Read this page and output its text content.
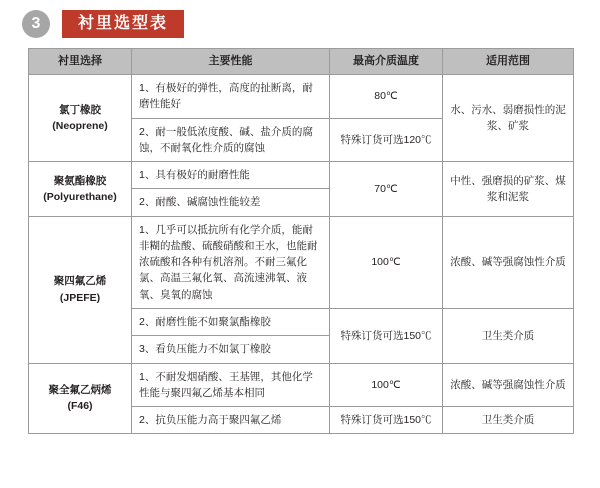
3	衬里选型表
衬里选择	主要性能	最高介质温度	适用范围

氯丁橡胶
(Neoprene)	1、有极好的弹性，高度的扯断离，耐磨性能好	80℃	水、污水、弱磨损性的泥浆、矿浆
	2、耐一般低浓度酸、碱、盐介质的腐蚀，不耐氧化性介质的腐蚀	特殊订货可选120℃	

聚氨酯橡胶
(Polyurethane)	1、具有极好的耐磨性能	70℃	中性、强磨损的矿浆、煤浆和泥浆
	2、耐酸、碱腐蚀性能较差		

聚四氟乙烯
(JPEFE)	1、几乎可以抵抗所有化学介质，能耐非糊的盐酸、硫酸硝酸和王水，也能耐浓硫酸和各种有机溶剂。不耐三氟化氯、高温三氟化氧、高流速沸氧、液氧、臭氧的腐蚀	100℃	浓酸、碱等强腐蚀性介质
	2、耐磨性能不如聚氯酯橡胶	特殊订货可选150℃	卫生类介质
	3、看负压能力不如氯丁橡胶		

聚全氟乙炳烯
(F46)	1、不耐发烟硝酸、王基锂，其他化学性能与聚四氟乙烯基本相同	100℃	浓酸、碱等强腐蚀性介质
	2、抗负压能力高于聚四氟乙烯	特殊订货可选150℃	卫生类介质
